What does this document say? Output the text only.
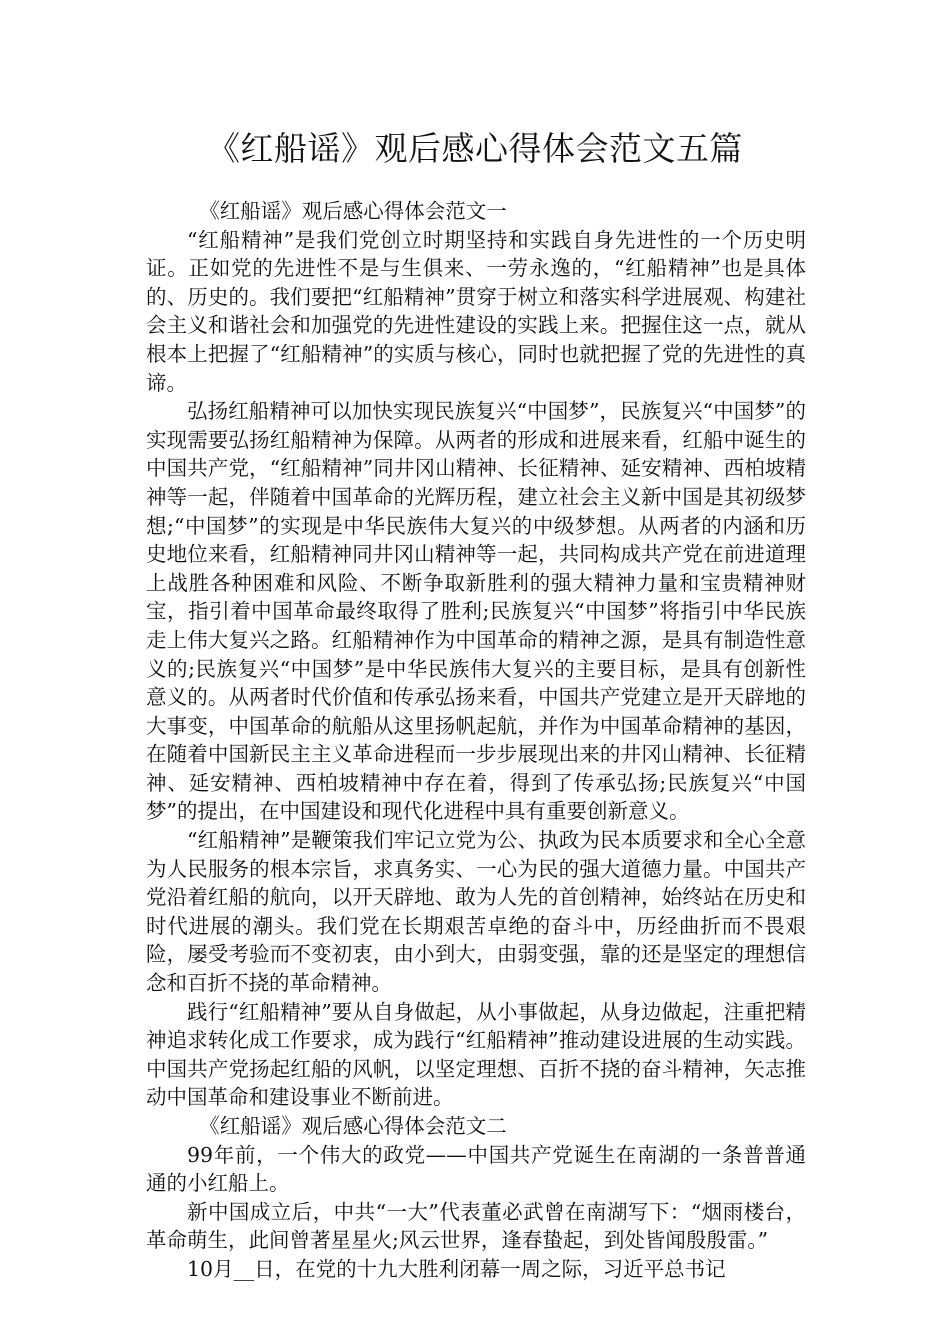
《红船谣》观后感心得体会范文五篇

《红船谣》观后感心得体会范文一

“红船精神”是我们党创立时期坚持和实践自身先进性的一个历史明证。正如党的先进性不是与生俱来、一劳永逸的，“红船精神”也是具体的、历史的。我们要把“红船精神”贯穿于树立和落实科学进展观、构建社会主义和谐社会和加强党的先进性建设的实践上来。把握住这一点，就从根本上把握了“红船精神”的实质与核心，同时也就把握了党的先进性的真谛。

弘扬红船精神可以加快实现民族复兴“中国梦”，民族复兴“中国梦”的实现需要弘扬红船精神为保障。从两者的形成和进展来看，红船中诞生的中国共产党，“红船精神”同井冈山精神、长征精神、延安精神、西柏坡精神等一起，伴随着中国革命的光辉历程，建立社会主义新中国是其初级梦想;“中国梦”的实现是中华民族伟大复兴的中级梦想。从两者的内涵和历史地位来看，红船精神同井冈山精神等一起，共同构成共产党在前进道理上战胜各种困难和风险、不断争取新胜利的强大精神力量和宝贵精神财宝，指引着中国革命最终取得了胜利;民族复兴“中国梦”将指引中华民族走上伟大复兴之路。红船精神作为中国革命的精神之源，是具有制造性意义的;民族复兴“中国梦”是中华民族伟大复兴的主要目标，是具有创新性意义的。从两者时代价值和传承弘扬来看，中国共产党建立是开天辟地的大事变，中国革命的航船从这里扬帆起航，并作为中国革命精神的基因，在随着中国新民主主义革命进程而一步步展现出来的井冈山精神、长征精神、延安精神、西柏坡精神中存在着，得到了传承弘扬;民族复兴“中国梦”的提出，在中国建设和现代化进程中具有重要创新意义。

“红船精神”是鞭策我们牢记立党为公、执政为民本质要求和全心全意为人民服务的根本宗旨，求真务实、一心为民的强大道德力量。中国共产党沿着红船的航向，以开天辟地、敢为人先的首创精神，始终站在历史和时代进展的潮头。我们党在长期艰苦卓绝的奋斗中，历经曲折而不畏艰险，屡受考验而不变初衷，由小到大，由弱变强，靠的还是坚定的理想信念和百折不挠的革命精神。

践行“红船精神”要从自身做起，从小事做起，从身边做起，注重把精神追求转化成工作要求，成为践行“红船精神”推动建设进展的生动实践。中国共产党扬起红船的风帆，以坚定理想、百折不挠的奋斗精神，矢志推动中国革命和建设事业不断前进。

《红船谣》观后感心得体会范文二

99年前，一个伟大的政党——中国共产党诞生在南湖的一条普普通通的小红船上。

新中国成立后，中共“一大”代表董必武曾在南湖写下：“烟雨楼台，革命萌生，此间曾著星星火;风云世界，逢春蛰起，到处皆闻殷殷雷。”

10月__日，在党的十九大胜利闭幕一周之际，习近平总书记
